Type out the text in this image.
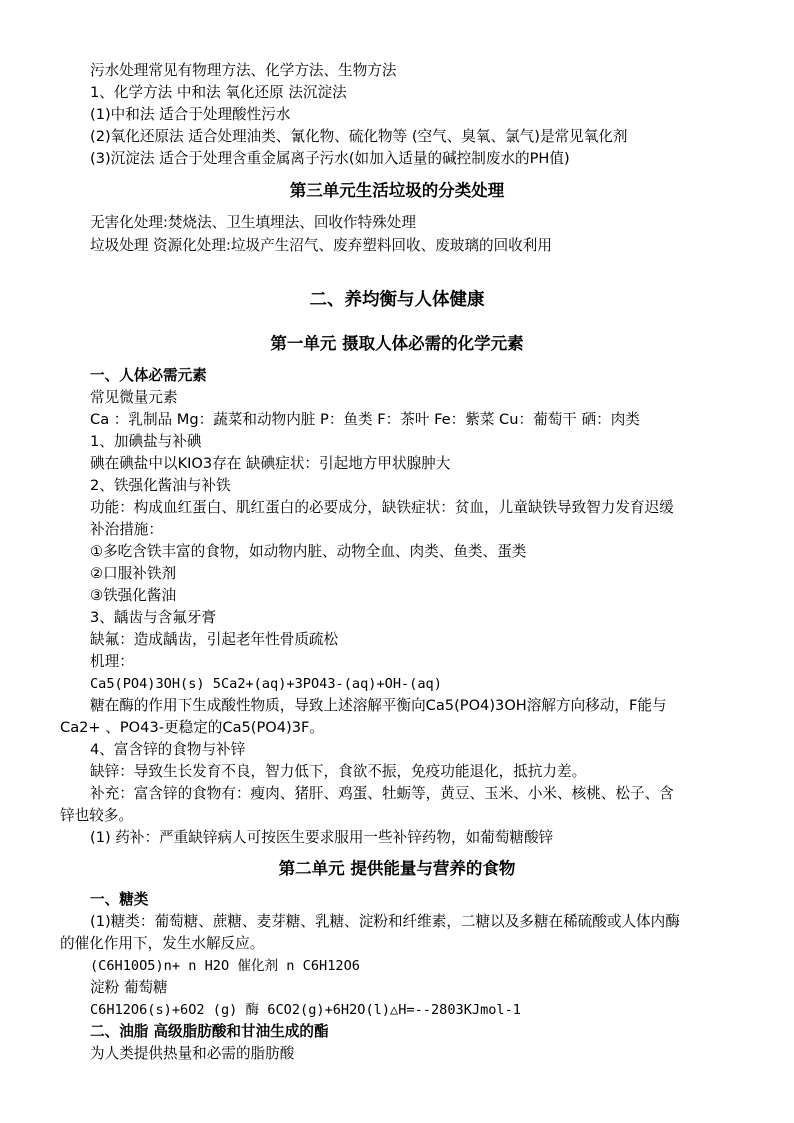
污水处理常见有物理方法、化学方法、生物方法
1、化学方法 中和法 氧化还原 法沉淀法
(1)中和法 适合于处理酸性污水
(2)氧化还原法 适合处理油类、氰化物、硫化物等 (空气、臭氧、氯气)是常见氧化剂
(3)沉淀法 适合于处理含重金属离子污水(如加入适量的碱控制废水的PH值)
第三单元生活垃圾的分类处理
无害化处理:焚烧法、卫生填埋法、回收作特殊处理
垃圾处理 资源化处理:垃圾产生沼气、废弃塑料回收、废玻璃的回收利用
二、养均衡与人体健康
第一单元 摄取人体必需的化学元素
一、人体必需元素
常见微量元素
Ca ：乳制品 Mg：蔬菜和动物内脏 P：鱼类 F：茶叶 Fe：紫菜 Cu：葡萄干 硒：肉类
1、加碘盐与补碘
碘在碘盐中以KIO3存在 缺碘症状：引起地方甲状腺肿大
2、铁强化酱油与补铁
功能：构成血红蛋白、肌红蛋白的必要成分，缺铁症状：贫血，儿童缺铁导致智力发育迟缓
补治措施：
①多吃含铁丰富的食物，如动物内脏、动物全血、肉类、鱼类、蛋类
②口服补铁剂
③铁强化酱油
3、龋齿与含氟牙膏
缺氟：造成龋齿，引起老年性骨质疏松
机理：
Ca5(PO4)3OH(s) 5Ca2+(aq)+3PO43-(aq)+OH-(aq)
糖在酶的作用下生成酸性物质，导致上述溶解平衡向Ca5(PO4)3OH溶解方向移动，F能与
Ca2+ 、PO43-更稳定的Ca5(PO4)3F。
4、富含锌的食物与补锌
缺锌：导致生长发育不良，智力低下，食欲不振，免疫功能退化，抵抗力差。
补充：富含锌的食物有：瘦肉、猪肝、鸡蛋、牡蛎等，黄豆、玉米、小米、核桃、松子、含
锌也较多。
(1) 药补：严重缺锌病人可按医生要求服用一些补锌药物，如葡萄糖酸锌
第二单元 提供能量与营养的食物
一、糖类
(1)糖类：葡萄糖、蔗糖、麦芽糖、乳糖、淀粉和纤维素，二糖以及多糖在稀硫酸或人体内酶
的催化作用下，发生水解反应。
(C6H10O5)n+ n H2O 催化剂 n C6H12O6
淀粉 葡萄糖
C6H12O6(s)+6O2 (g) 酶 6CO2(g)+6H2O(l)△H=--2803KJmol-1
二、油脂 高级脂肪酸和甘油生成的酯
为人类提供热量和必需的脂肪酸
